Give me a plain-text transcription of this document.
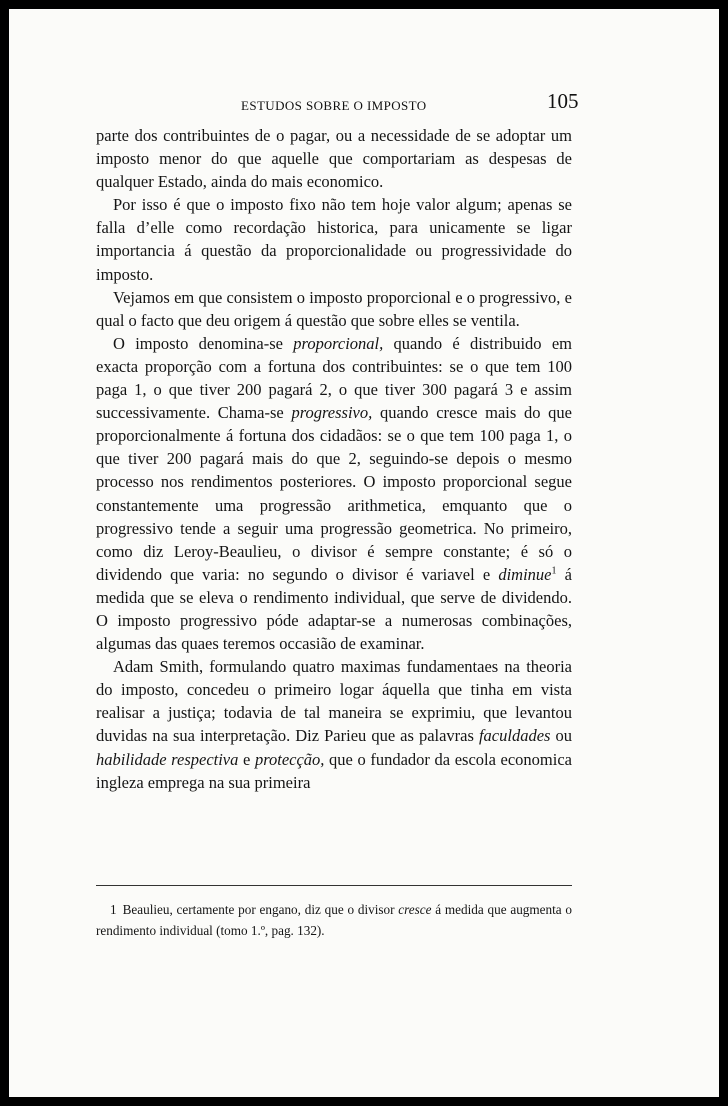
ESTUDOS SOBRE O IMPOSTO	105

parte dos contribuintes de o pagar, ou a necessidade de se adoptar um imposto menor do que aquelle que comportariam as despesas de qualquer Estado, ainda do mais economico.

Por isso é que o imposto fixo não tem hoje valor algum; apenas se falla d’elle como recordação historica, para unicamente se ligar importancia á questão da proporcionalidade ou progressividade do imposto.

Vejamos em que consistem o imposto proporcional e o progressivo, e qual o facto que deu origem á questão que sobre elles se ventila.

O imposto denomina-se proporcional, quando é distribuido em exacta proporção com a fortuna dos contribuintes: se o que tem 100 paga 1, o que tiver 200 pagará 2, o que tiver 300 pagará 3 e assim successivamente. Chama-se progressivo, quando cresce mais do que proporcionalmente á fortuna dos cidadãos: se o que tem 100 paga 1, o que tiver 200 pagará mais do que 2, seguindo-se depois o mesmo processo nos rendimentos posteriores. O imposto proporcional segue constantemente uma progressão arithmetica, emquanto que o progressivo tende a seguir uma progressão geometrica. No primeiro, como diz Leroy-Beaulieu, o divisor é sempre constante; é só o dividendo que varia: no segundo o divisor é variavel e diminue$^1$ á medida que se eleva o rendimento individual, que serve de dividendo. O imposto progressivo póde adaptar-se a numerosas combinações, algumas das quaes teremos occasião de examinar.

Adam Smith, formulando quatro maximas fundamentaes na theoria do imposto, concedeu o primeiro logar áquella que tinha em vista realisar a justiça; todavia de tal maneira se exprimiu, que levantou duvidas na sua interpretação. Diz Parieu que as palavras faculdades ou habilidade respectiva e protecção, que o fundador da escola economica ingleza emprega na sua primeira

1 Beaulieu, certamente por engano, diz que o divisor cresce á medida que augmenta o rendimento individual (tomo 1.º, pag. 132).
